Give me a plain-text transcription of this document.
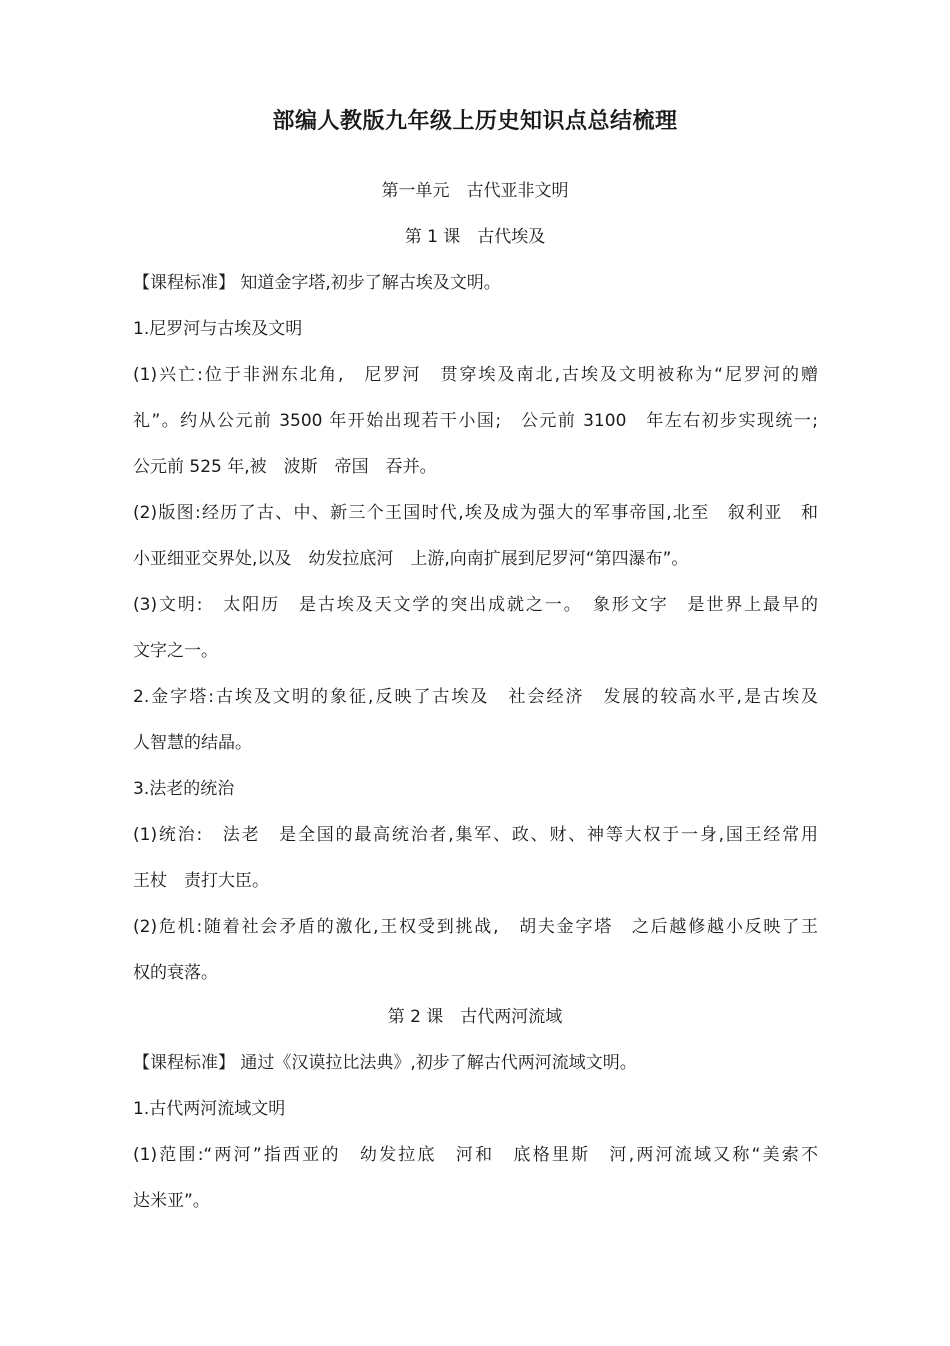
部编人教版九年级上历史知识点总结梳理
第一单元　古代亚非文明
第 1 课　古代埃及
【课程标准】 知道金字塔,初步了解古埃及文明。
1.尼罗河与古埃及文明
(1)兴亡:位于非洲东北角,　尼罗河　贯穿埃及南北,古埃及文明被称为“尼罗河的赠
礼”。约从公元前 3500 年开始出现若干小国;　公元前 3100　年左右初步实现统一;
公元前 525 年,被　波斯　帝国　吞并。
(2)版图:经历了古、中、新三个王国时代,埃及成为强大的军事帝国,北至　叙利亚　和
小亚细亚交界处,以及　幼发拉底河　上游,向南扩展到尼罗河“第四瀑布”。
(3)文明:　太阳历　是古埃及天文学的突出成就之一。　象形文字　是世界上最早的
文字之一。
2.金字塔:古埃及文明的象征,反映了古埃及　社会经济　发展的较高水平,是古埃及
人智慧的结晶。
3.法老的统治
(1)统治:　法老　是全国的最高统治者,集军、政、财、神等大权于一身,国王经常用
王杖　责打大臣。
(2)危机:随着社会矛盾的激化,王权受到挑战,　胡夫金字塔　之后越修越小反映了王
权的衰落。
第 2 课　古代两河流域
【课程标准】 通过《汉谟拉比法典》,初步了解古代两河流域文明。
1.古代两河流域文明
(1)范围:“两河”指西亚的　幼发拉底　河和　底格里斯　河,两河流域又称“美索不
达米亚”。
